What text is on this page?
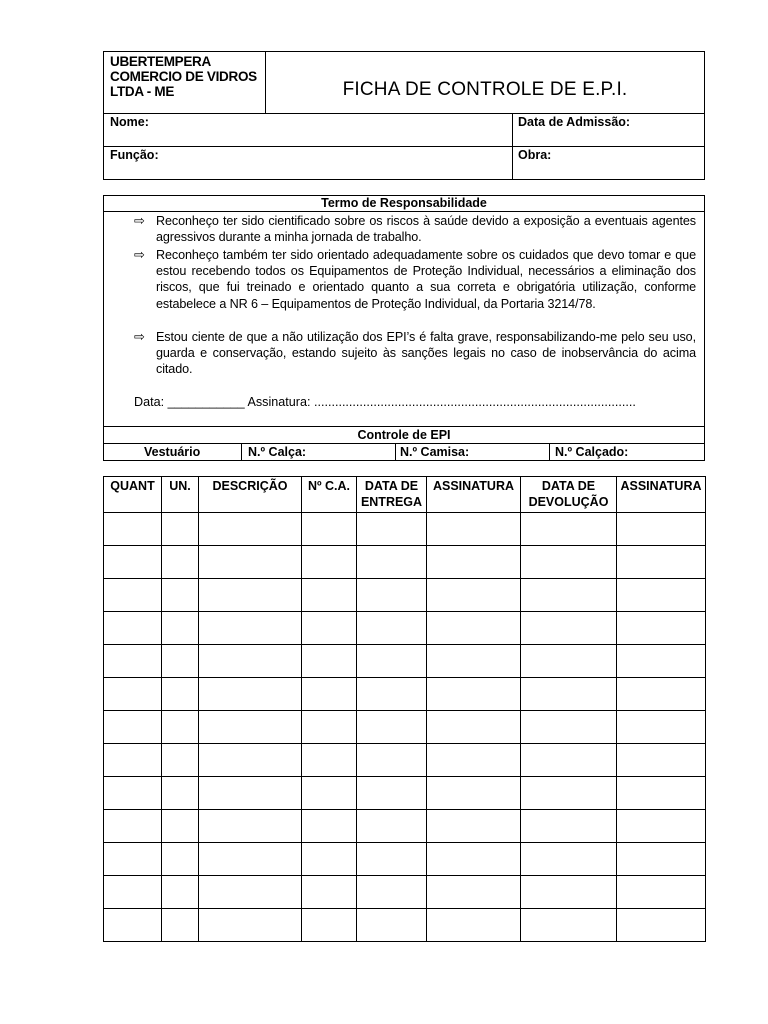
UBERTEMPERA
COMERCIO DE VIDROS
LTDA - ME	FICHA DE CONTROLE DE E.P.I.
Nome:	Data de Admissão:
Função:	Obra:
Termo de Responsabilidade
⇨ Reconheço ter sido cientificado sobre os riscos à saúde devido a exposição a eventuais agentes agressivos durante a minha jornada de trabalho.
⇨ Reconheço também ter sido orientado adequadamente sobre os cuidados que devo tomar e que estou recebendo todos os Equipamentos de Proteção Individual, necessários a eliminação dos riscos, que fui treinado e orientado quanto a sua correta e obrigatória utilização, conforme estabelece a NR 6 – Equipamentos de Proteção Individual, da Portaria 3214/78.
⇨ Estou ciente de que a não utilização dos EPI’s é falta grave, responsabilizando-me pelo seu uso, guarda e conservação, estando sujeito às sanções legais no caso de inobservância do acima citado.
Data: ___________ Assinatura: ............................................................................................
Controle de EPI
Vestuário	N.º Calça:	N.º Camisa:	N.º Calçado:
QUANT	UN.	DESCRIÇÃO	Nº C.A.	DATA DE ENTREGA	ASSINATURA	DATA DE DEVOLUÇÃO	ASSINATURA
